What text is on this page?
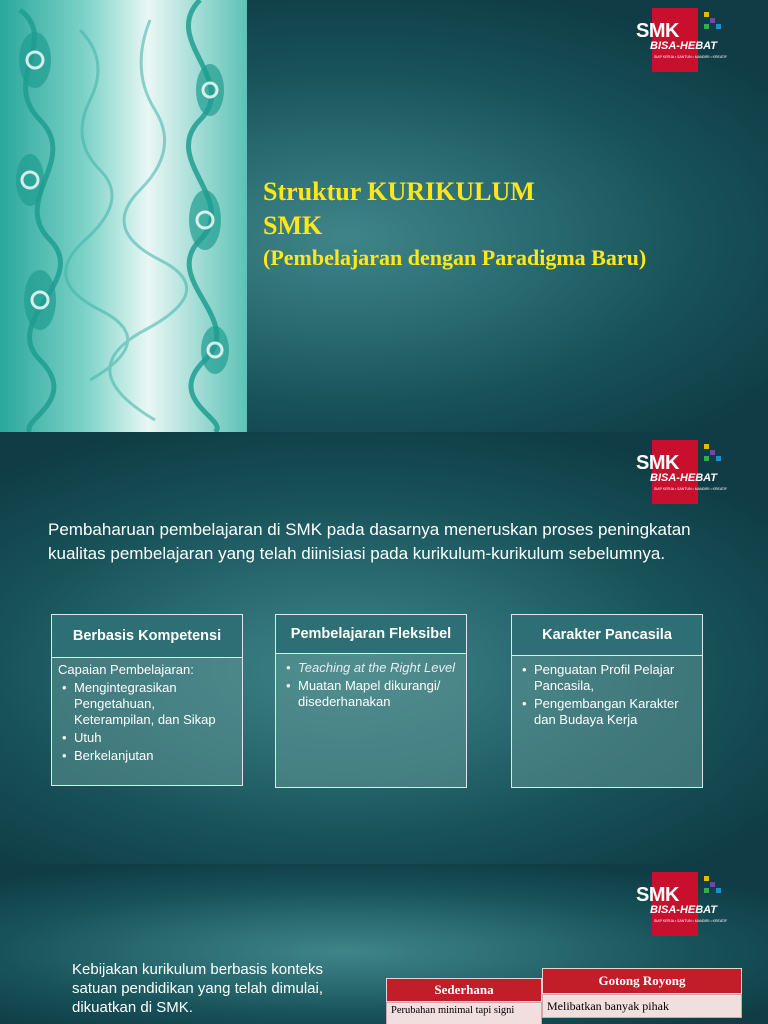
SMK
BISA-HEBAT
SIAP KERJA • SANTUN • MANDIRI • KREATIF
Struktur KURIKULUM
SMK
(Pembelajaran dengan Paradigma Baru)
SMK
BISA-HEBAT
SIAP KERJA • SANTUN • MANDIRI • KREATIF

Pembaharuan pembelajaran di SMK pada dasarnya meneruskan proses peningkatan kualitas pembelajaran yang telah diinisiasi pada kurikulum-kurikulum sebelumnya.

Berbasis Kompetensi
Capaian Pembelajaran:
• Mengintegrasikan Pengetahuan, Keterampilan, dan Sikap
• Utuh
• Berkelanjutan
Pembelajaran Fleksibel
• Teaching at the Right Level
• Muatan Mapel dikurangi/ disederhanakan
Karakter Pancasila
• Penguatan Profil Pelajar Pancasila,
• Pengembangan Karakter dan Budaya Kerja
SMK
BISA-HEBAT
SIAP KERJA • SANTUN • MANDIRI • KREATIF

Kebijakan kurikulum berbasis konteks satuan pendidikan yang telah dimulai, dikuatkan di SMK.

Sederhana
Perubahan minimal tapi signi
Gotong Royong
Melibatkan banyak pihak
